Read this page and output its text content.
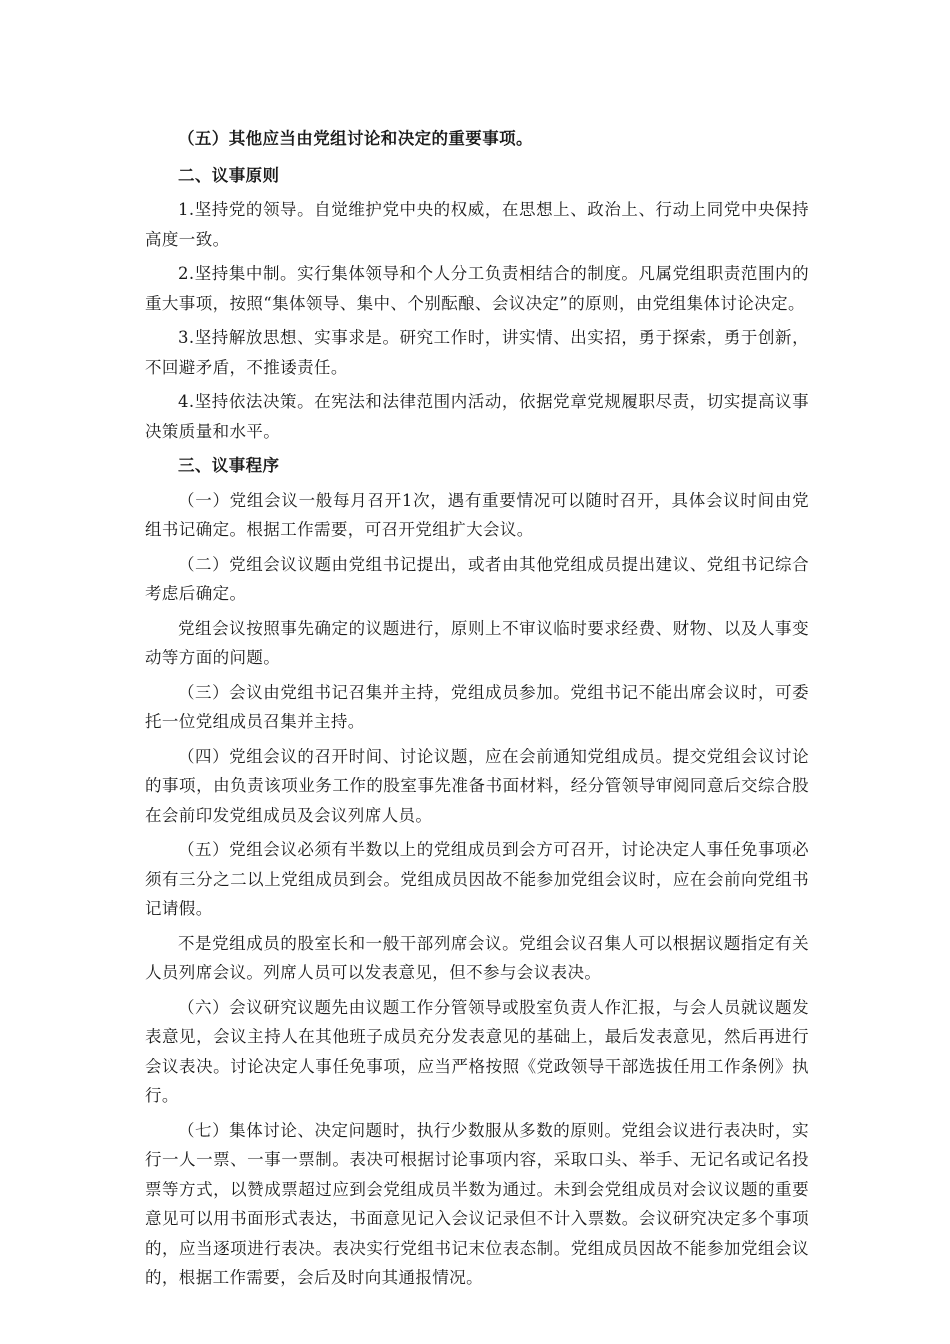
（五）其他应当由党组讨论和决定的重要事项。

二、议事原则

1.坚持党的领导。自觉维护党中央的权威，在思想上、政治上、行动上同党中央保持高度一致。

2.坚持集中制。实行集体领导和个人分工负责相结合的制度。凡属党组职责范围内的重大事项，按照“集体领导、集中、个别酝酿、会议决定”的原则，由党组集体讨论决定。

3.坚持解放思想、实事求是。研究工作时，讲实情、出实招，勇于探索，勇于创新，不回避矛盾，不推诿责任。

4.坚持依法决策。在宪法和法律范围内活动，依据党章党规履职尽责，切实提高议事决策质量和水平。

三、议事程序

（一）党组会议一般每月召开1次，遇有重要情况可以随时召开，具体会议时间由党组书记确定。根据工作需要，可召开党组扩大会议。

（二）党组会议议题由党组书记提出，或者由其他党组成员提出建议、党组书记综合考虑后确定。

党组会议按照事先确定的议题进行，原则上不审议临时要求经费、财物、以及人事变动等方面的问题。

（三）会议由党组书记召集并主持，党组成员参加。党组书记不能出席会议时，可委托一位党组成员召集并主持。

（四）党组会议的召开时间、讨论议题，应在会前通知党组成员。提交党组会议讨论的事项，由负责该项业务工作的股室事先准备书面材料，经分管领导审阅同意后交综合股在会前印发党组成员及会议列席人员。

（五）党组会议必须有半数以上的党组成员到会方可召开，讨论决定人事任免事项必须有三分之二以上党组成员到会。党组成员因故不能参加党组会议时，应在会前向党组书记请假。

不是党组成员的股室长和一般干部列席会议。党组会议召集人可以根据议题指定有关人员列席会议。列席人员可以发表意见，但不参与会议表决。

（六）会议研究议题先由议题工作分管领导或股室负责人作汇报，与会人员就议题发表意见，会议主持人在其他班子成员充分发表意见的基础上，最后发表意见，然后再进行会议表决。讨论决定人事任免事项，应当严格按照《党政领导干部选拔任用工作条例》执行。

（七）集体讨论、决定问题时，执行少数服从多数的原则。党组会议进行表决时，实行一人一票、一事一票制。表决可根据讨论事项内容，采取口头、举手、无记名或记名投票等方式，以赞成票超过应到会党组成员半数为通过。未到会党组成员对会议议题的重要意见可以用书面形式表达，书面意见记入会议记录但不计入票数。会议研究决定多个事项的，应当逐项进行表决。表决实行党组书记末位表态制。党组成员因故不能参加党组会议的，根据工作需要，会后及时向其通报情况。
